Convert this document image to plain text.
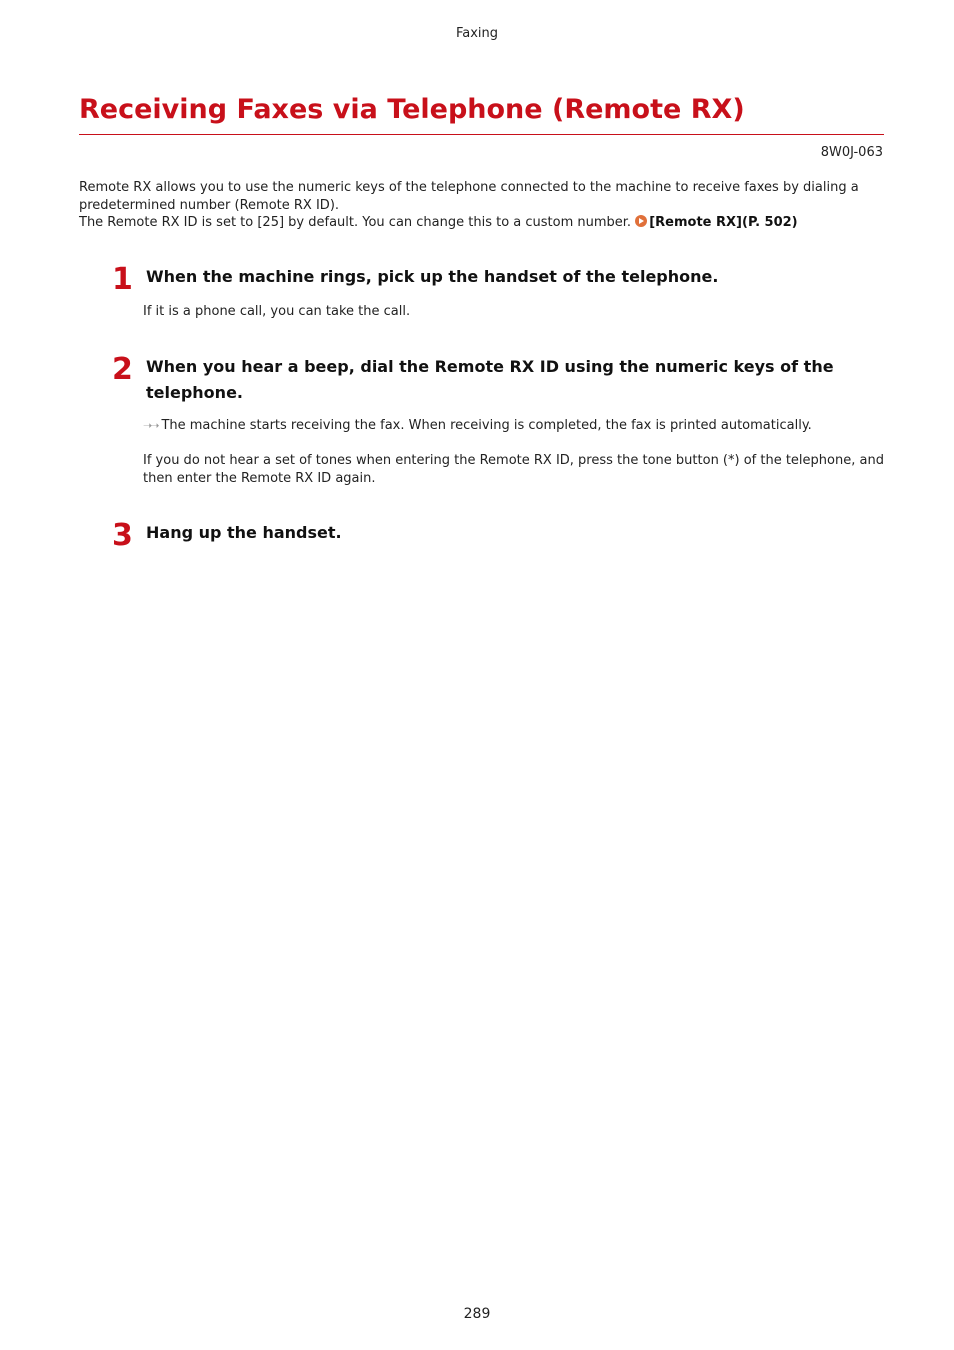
Faxing
Receiving Faxes via Telephone (Remote RX)
8W0J-063

Remote RX allows you to use the numeric keys of the telephone connected to the machine to receive faxes by dialing a predetermined number (Remote RX ID).

The Remote RX ID is set to [25] by default. You can change this to a custom number. [Remote RX](P. 502)

1 When the machine rings, pick up the handset of the telephone.

If it is a phone call, you can take the call.

2 When you hear a beep, dial the Remote RX ID using the numeric keys of the telephone.

➝➝ The machine starts receiving the fax. When receiving is completed, the fax is printed automatically.

If you do not hear a set of tones when entering the Remote RX ID, press the tone button (*) of the telephone, and then enter the Remote RX ID again.

3 Hang up the handset.
289
